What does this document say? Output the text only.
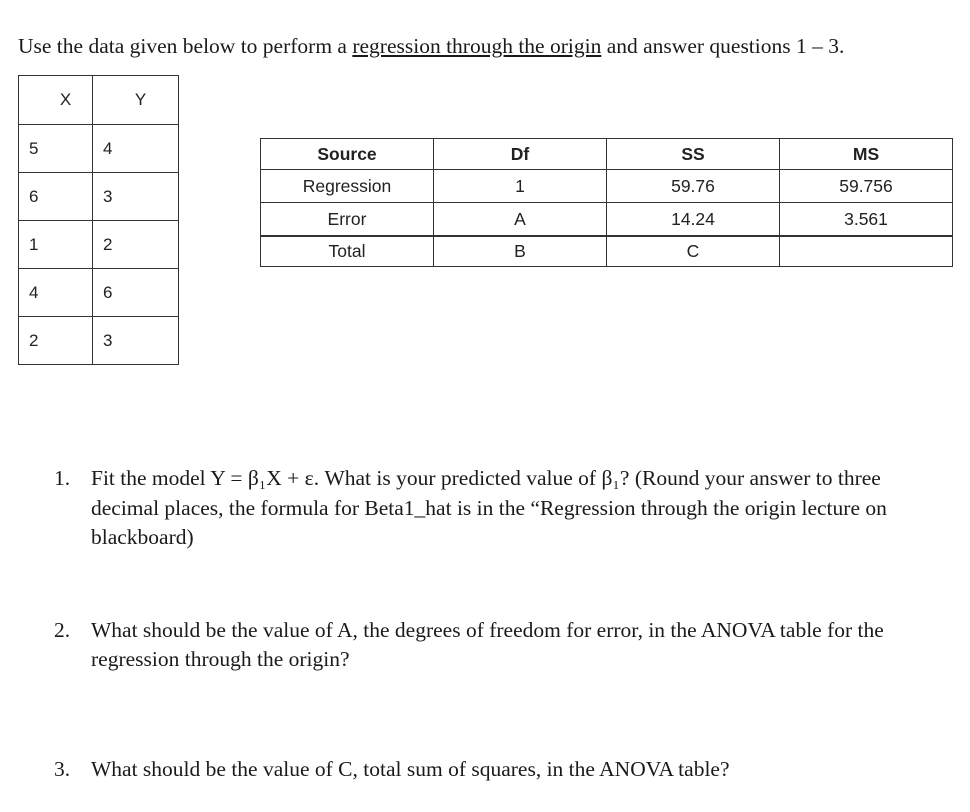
Use the data given below to perform a regression through the origin and answer questions 1 – 3.

X	Y
5	4
6	3
1	2
4	6
2	3
Source	Df	SS	MS
Regression	1	59.76	59.756
Error	A	14.24	3.561
Total	B	C	
1. Fit the model Y = β₁X + ε. What is your predicted value of β₁? (Round your answer to three decimal places, the formula for Beta1_hat is in the “Regression through the origin lecture on blackboard)
2. What should be the value of A, the degrees of freedom for error, in the ANOVA table for the regression through the origin?
3. What should be the value of C, total sum of squares, in the ANOVA table?
